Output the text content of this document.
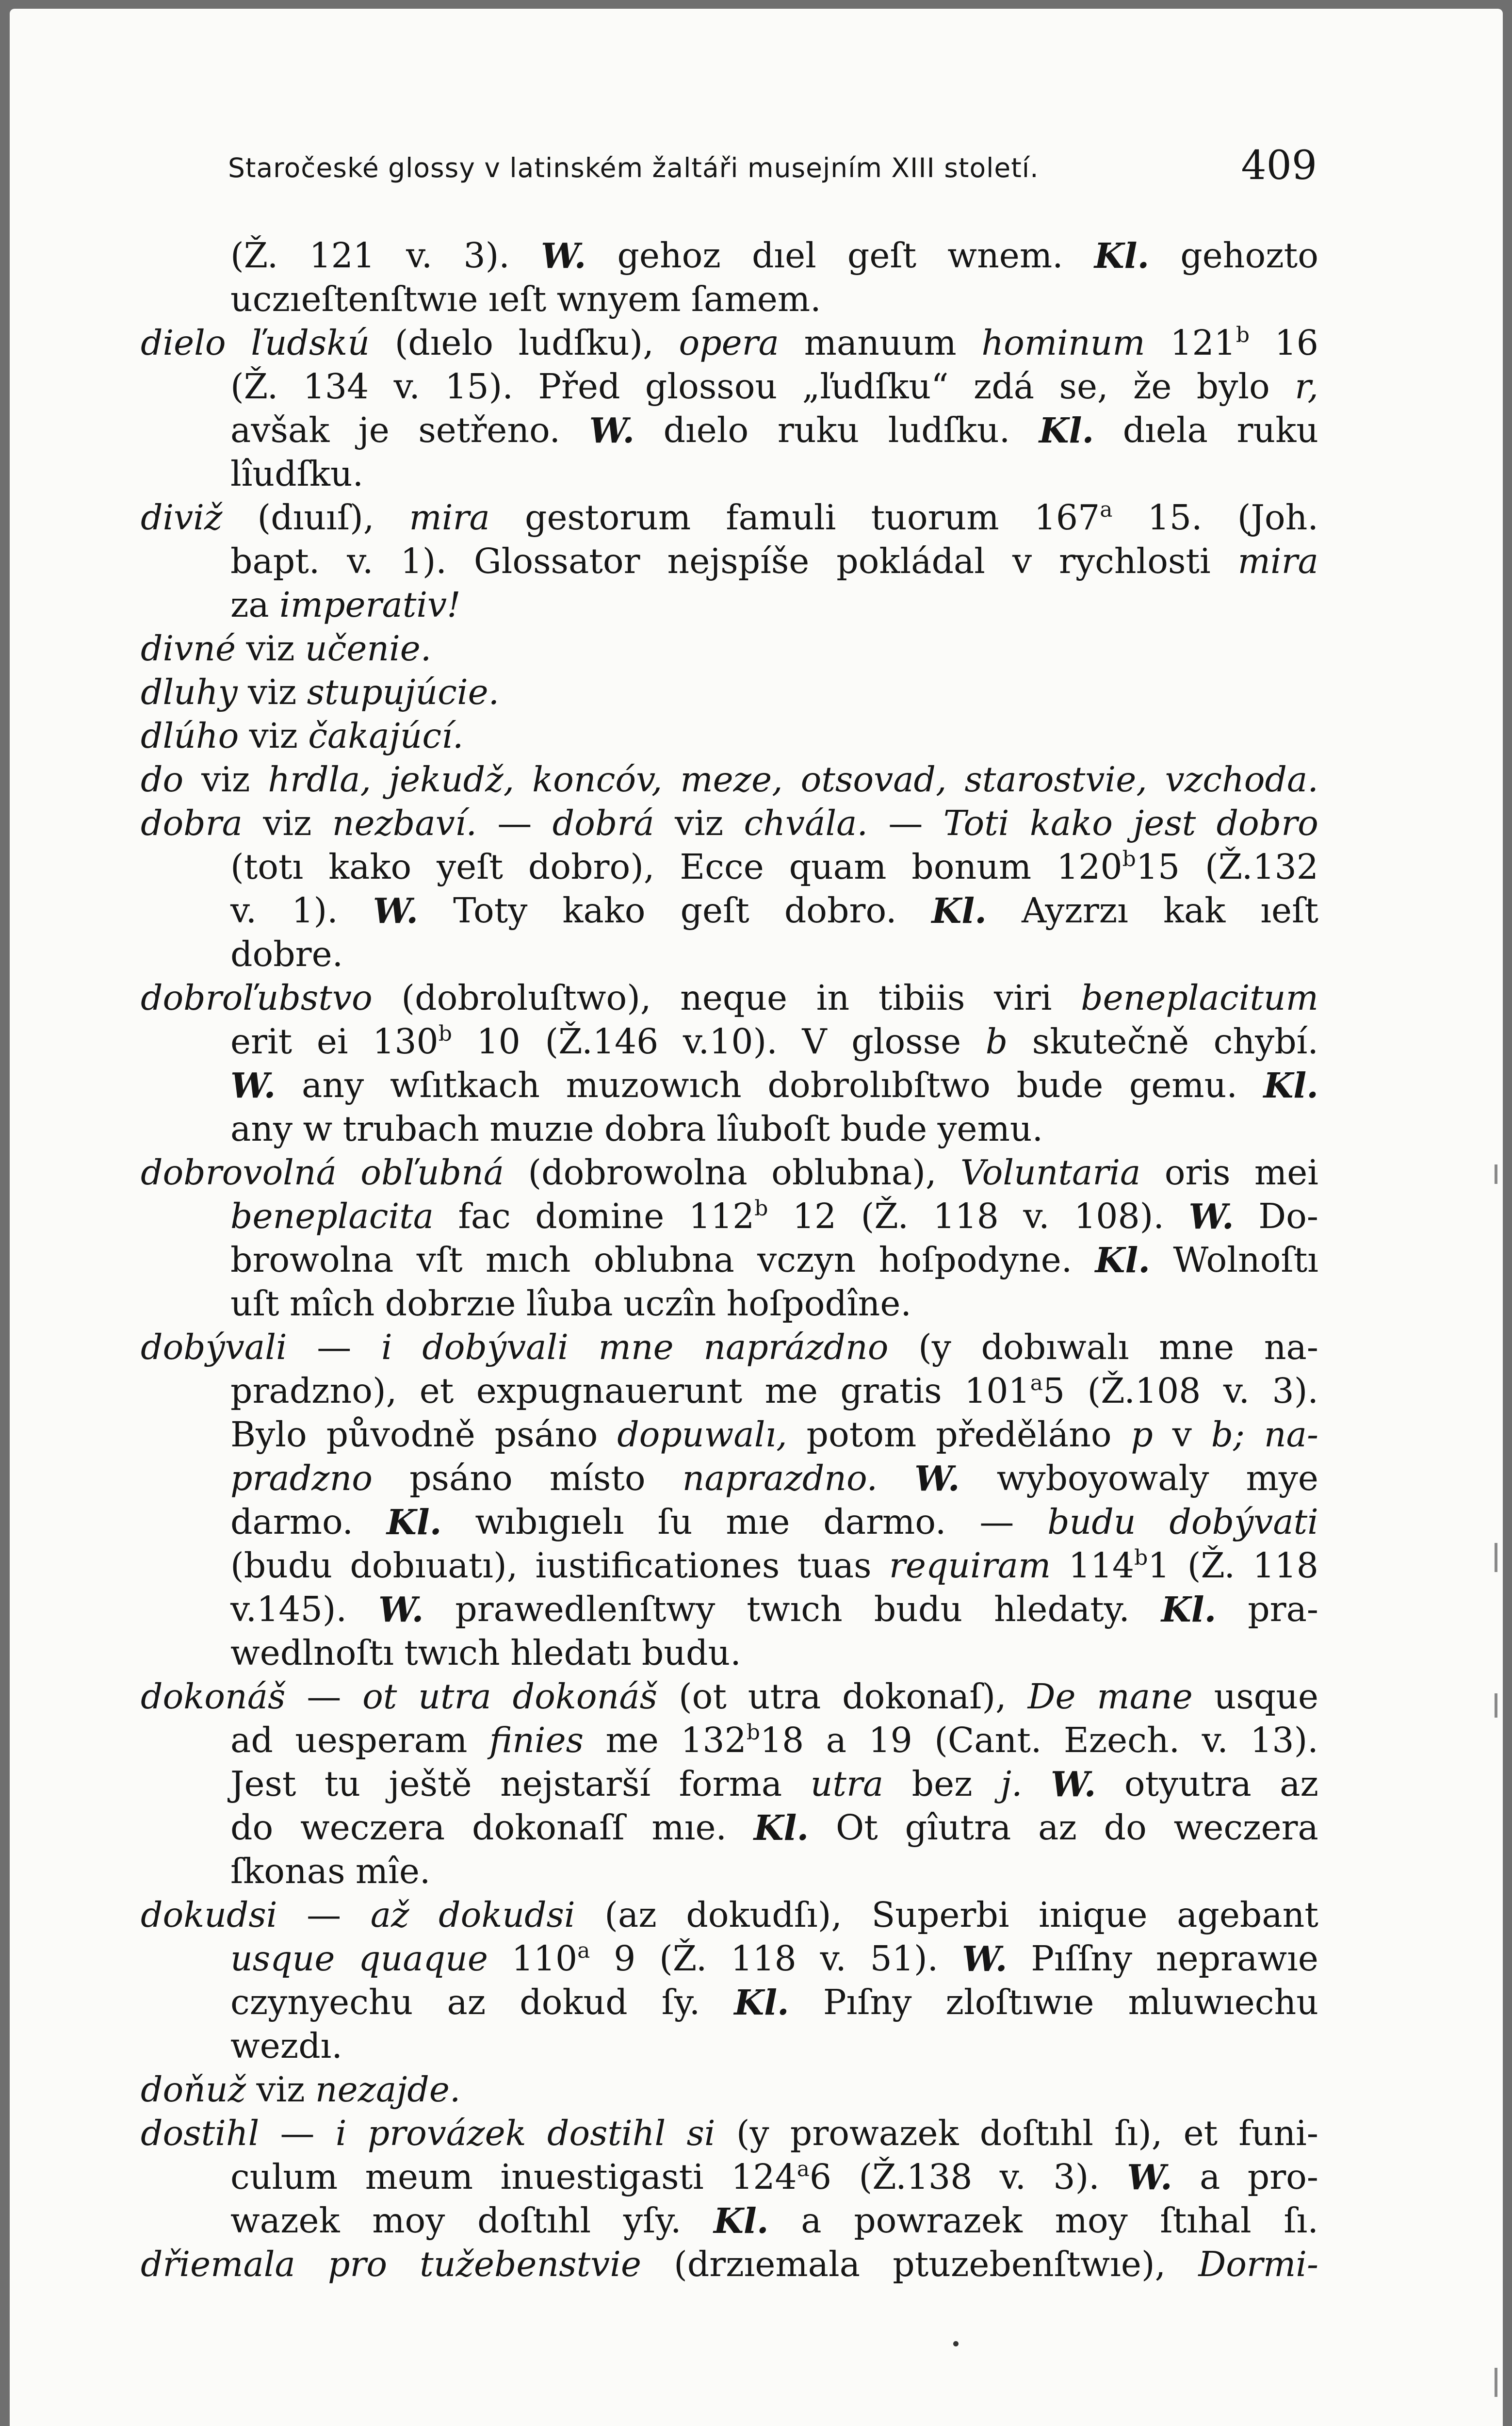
Staročeské glossy v latinském žaltáři musejním XIII století.	409
(Ž. 121 v. 3). W. gehoz dıel geſt wnem. Kl. gehozto
uczıeſtenſtwıe ıeſt wnyem ſamem.
dielo ľudskú (dıelo ludſku), opera manuum hominum 121$^b$ 16
(Ž. 134 v. 15). Před glossou „ľudſku“ zdá se, že bylo r,
avšak je setřeno. W. dıelo ruku ludſku. Kl. dıela ruku
lîudſku.
diviž (dıuıſ), mira gestorum famuli tuorum 167$^a$ 15. (Joh.
bapt. v. 1). Glossator nejspíše pokládal v rychlosti mira
za imperativ!
divné viz učenie.
dluhy viz stupujúcie.
dlúho viz čakajúcí.
do viz hrdla, jekudž, koncóv, meze, otsovad, starostvie, vzchoda.
dobra viz nezbaví. — dobrá viz chvála. — Toti kako jest dobro
(totı kako yeſt dobro), Ecce quam bonum 120$^b$15 (Ž.132
v. 1). W. Toty kako geſt dobro. Kl. Ayzrzı kak ıeſt
dobre.
dobroľubstvo (dobroluſtwo), neque in tibiis viri beneplacitum
erit ei 130$^b$ 10 (Ž.146 v.10). V glosse b skutečně chybí.
W. any wſıtkach muzowıch dobrolıbſtwo bude gemu. Kl.
any w trubach muzıe dobra lîuboſt bude yemu.
dobrovolná obľubná (dobrowolna oblubna), Voluntaria oris mei
beneplacita fac domine 112$^b$ 12 (Ž. 118 v. 108). W. Do-
browolna vſt mıch oblubna vczyn hoſpodyne. Kl. Wolnoſtı
uſt mîch dobrzıe lîuba uczîn hoſpodîne.
dobývali — i dobývali mne naprázdno (y dobıwalı mne na-
pradzno), et expugnauerunt me gratis 101$^a$5 (Ž.108 v. 3).
Bylo původně psáno dopuwalı, potom předěláno p v b; na-
pradzno psáno místo naprazdno. W. wyboyowaly mye
darmo. Kl. wıbıgıelı ſu mıe darmo. — budu dobývati
(budu dobıuatı), iustificationes tuas requiram 114$^b$1 (Ž. 118
v.145). W. prawedlenſtwy twıch budu hledaty. Kl. pra-
wedlnoſtı twıch hledatı budu.
dokonáš — ot utra dokonáš (ot utra dokonaſ), De mane usque
ad uesperam finies me 132$^b$18 a 19 (Cant. Ezech. v. 13).
Jest tu ještě nejstarší forma utra bez j. W. otyutra az
do weczera dokonaſſ mıe. Kl. Ot gîutra az do weczera
ſkonas mîe.
dokudsi — až dokudsi (az dokudſı), Superbi inique agebant
usque quaque 110$^a$ 9 (Ž. 118 v. 51). W. Pıſſny neprawıe
czynyechu az dokud ſy. Kl. Pıſny zloſtıwıe mluwıechu
wezdı.
doňuž viz nezajde.
dostihl — i provázek dostihl si (y prowazek doſtıhl ſı), et funi-
culum meum inuestigasti 124$^a$6 (Ž.138 v. 3). W. a pro-
wazek moy doſtıhl yſy. Kl. a powrazek moy ſtıhal ſı.
dřiemala pro tužebenstvie (drzıemala ptuzebenſtwıe), Dormi-
